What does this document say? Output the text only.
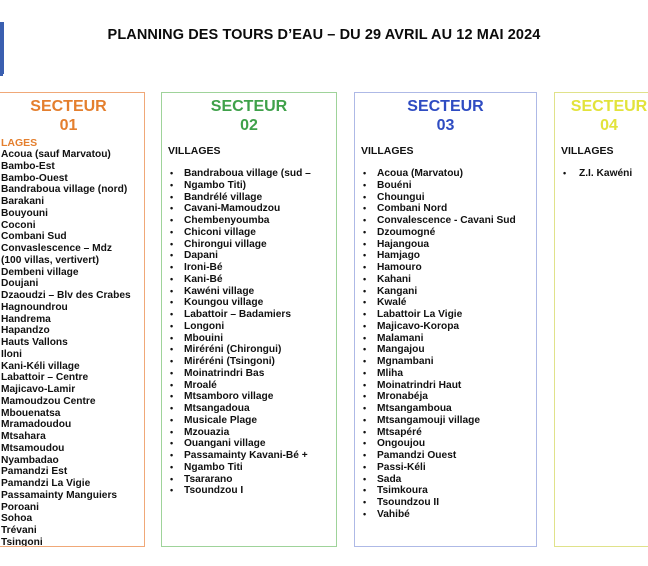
PLANNING DES TOURS D’EAU – DU 29 AVRIL AU 12 MAI 2024
SECTEUR
01
LAGES
Acoua (sauf Marvatou)
Bambo-Est
Bambo-Ouest
Bandraboua village (nord)
Barakani
Bouyouni
Coconi
Combani Sud
Convaslescence – Mdz
(100 villas, vertivert)
Dembeni village
Doujani
Dzaoudzi – Blv des Crabes
Hagnoundrou
Handrema
Hapandzo
Hauts Vallons
Iloni
Kani-Kéli village
Labattoir – Centre
Majicavo-Lamir
Mamoudzou Centre
Mbouenatsa
Mramadoudou
Mtsahara
Mtsamoudou
Nyambadao
Pamandzi Est
Pamandzi La Vigie
Passamainty Manguiers
Poroani
Sohoa
Trévani
Tsingoni
SECTEUR
02
VILLAGES
• Bandraboua village (sud –
• Ngambo Titi)
• Bandrélé village
• Cavani-Mamoudzou
• Chembenyoumba
• Chiconi village
• Chirongui village
• Dapani
• Ironi-Bé
• Kani-Bé
• Kawéni village
• Koungou village
• Labattoir – Badamiers
• Longoni
• Mbouini
• Miréréni (Chirongui)
• Miréréni (Tsingoni)
• Moinatrindri Bas
• Mroalé
• Mtsamboro village
• Mtsangadoua
• Musicale Plage
• Mzouazia
• Ouangani village
• Passamainty Kavani-Bé +
• Ngambo Titi
• Tsararano
• Tsoundzou I
SECTEUR
03
VILLAGES
• Acoua (Marvatou)
• Bouéni
• Choungui
• Combani Nord
• Convalescence - Cavani Sud
• Dzoumogné
• Hajangoua
• Hamjago
• Hamouro
• Kahani
• Kangani
• Kwalé
• Labattoir La Vigie
• Majicavo-Koropa
• Malamani
• Mangajou
• Mgnambani
• Mliha
• Moinatrindri Haut
• Mronabéja
• Mtsangamboua
• Mtsangamouji village
• Mtsapéré
• Ongoujou
• Pamandzi Ouest
• Passi-Kéli
• Sada
• Tsimkoura
• Tsoundzou II
• Vahibé
SECTEUR
04
VILLAGES
• Z.I. Kawéni
